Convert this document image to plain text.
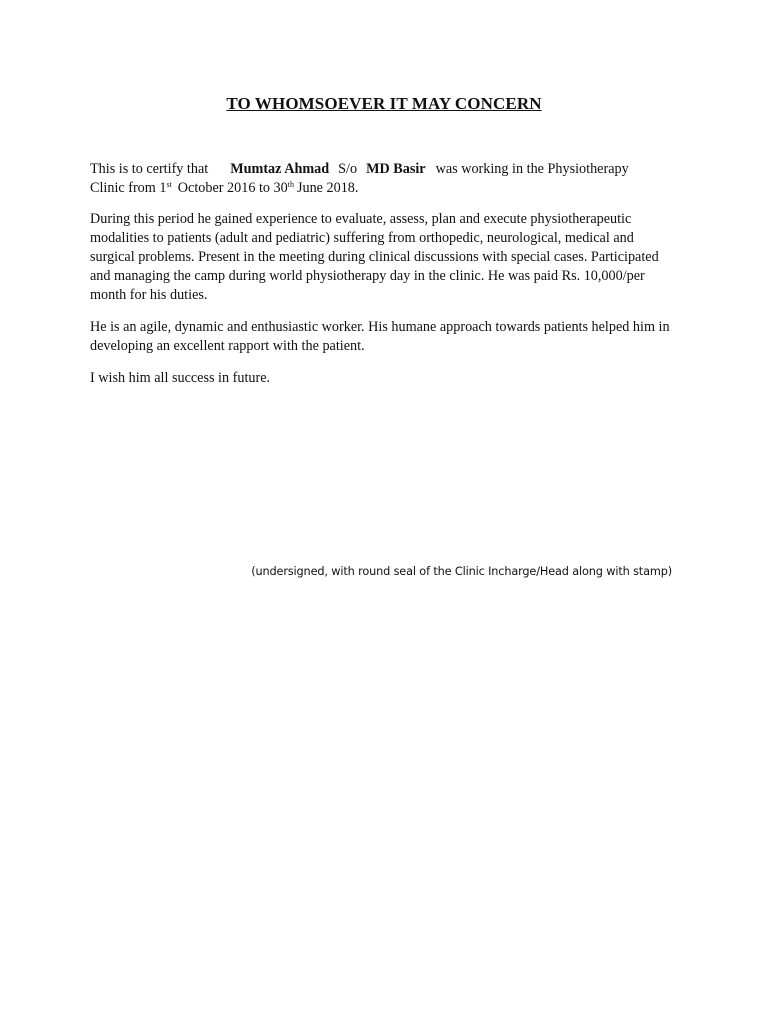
TO WHOMSOEVER IT MAY CONCERN
This is to certify that Mumtaz Ahmad S/o MD Basir was working in the Physiotherapy
Clinic from 1st October 2016 to 30th June 2018.
During this period he gained experience to evaluate, assess, plan and execute physiotherapeutic modalities to patients (adult and pediatric) suffering from orthopedic, neurological, medical and surgical problems. Present in the meeting during clinical discussions with special cases. Participated and managing the camp during world physiotherapy day in the clinic. He was paid Rs. 10,000/per month for his duties.
He is an agile, dynamic and enthusiastic worker. His humane approach towards patients helped him in developing an excellent rapport with the patient.
I wish him all success in future.
(undersigned, with round seal of the Clinic Incharge/Head along with stamp)
